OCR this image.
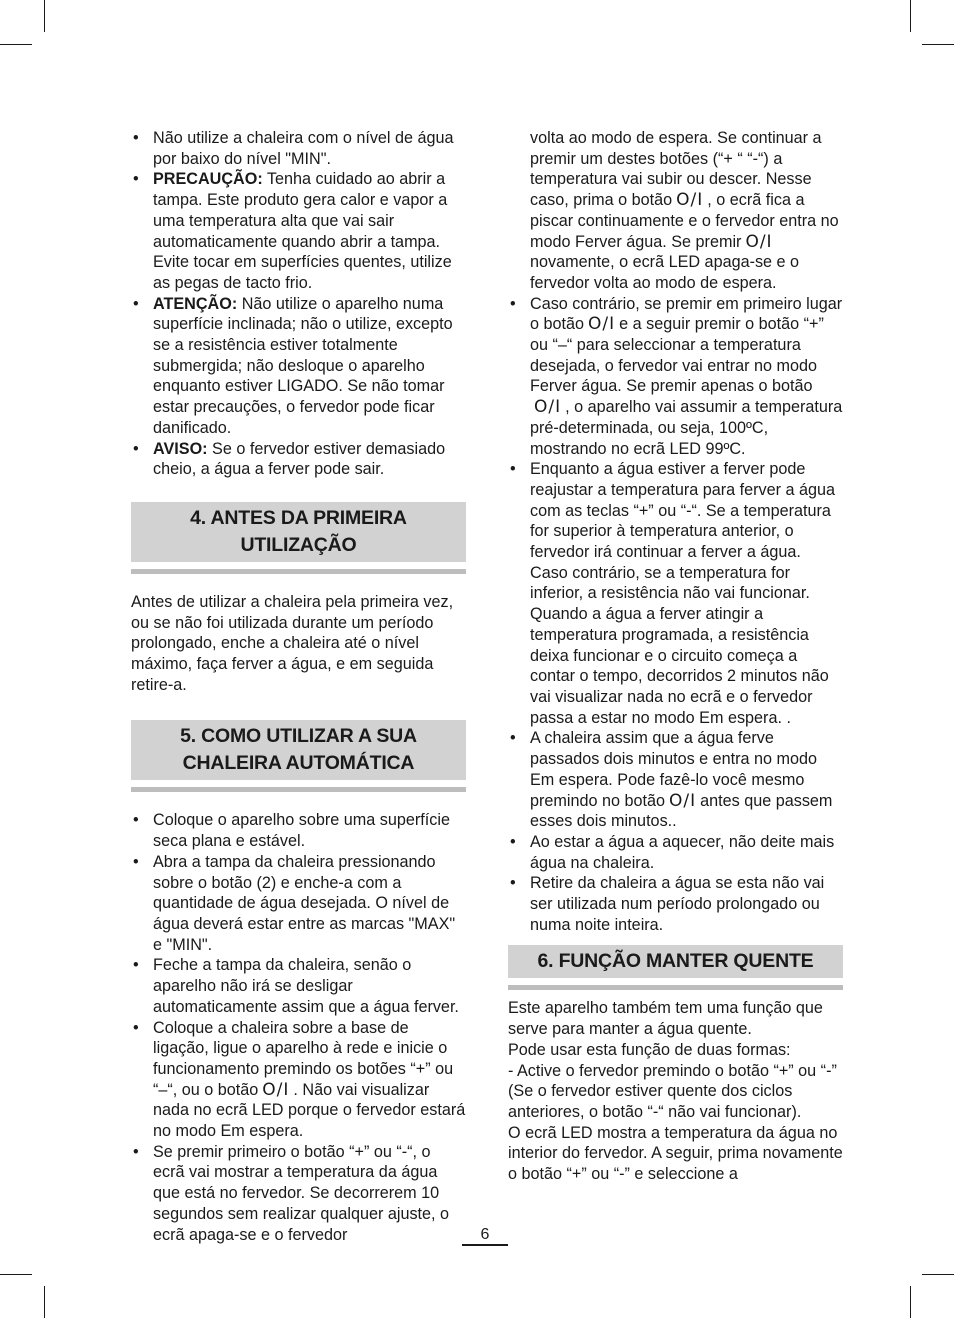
• Não utilize a chaleira com o nível de água por baixo do nível "MIN".
• PRECAUÇÃO: Tenha cuidado ao abrir a tampa. Este produto gera calor e vapor a uma temperatura alta que vai sair automaticamente quando abrir a tampa. Evite tocar em superfícies quentes, utilize as pegas de tacto frio.
• ATENÇÃO: Não utilize o aparelho numa superfície inclinada; não o utilize, excepto se a resistência estiver totalmente submergida; não desloque o aparelho enquanto estiver LIGADO. Se não tomar estar precauções, o fervedor pode ficar danificado.
• AVISO: Se o fervedor estiver demasiado cheio, a água a ferver pode sair.
4. ANTES DA PRIMEIRA UTILIZAÇÃO

Antes de utilizar a chaleira pela primeira vez, ou se não foi utilizada durante um período prolongado, enche a chaleira até o nível máximo, faça ferver a água, e em seguida retire-a.

5. COMO UTILIZAR A SUA CHALEIRA AUTOMÁTICA
• Coloque o aparelho sobre uma superfície seca plana e estável.
• Abra a tampa da chaleira pressionando sobre o botão (2) e enche-a com a quantidade de água desejada. O nível de água deverá estar entre as marcas "MAX" e "MIN".
• Feche a tampa da chaleira, senão o aparelho não irá se desligar automaticamente assim que a água ferver.
• Coloque a chaleira sobre a base de ligação, ligue o aparelho à rede e inicie o funcionamento premindo os botões “+” ou “–“, ou o botão O/I . Não vai visualizar nada no ecrã LED porque o fervedor estará no modo Em espera.
• Se premir primeiro o botão “+” ou “-“, o ecrã vai mostrar a temperatura da água que está no fervedor. Se decorrerem 10 segundos sem realizar qualquer ajuste, o ecrã apaga-se e o fervedor
volta ao modo de espera. Se continuar a premir um destes botões (“+ “ “-“) a temperatura vai subir ou descer. Nesse caso, prima o botão O/I , o ecrã fica a piscar continuamente e o fervedor entra no modo Ferver água. Se premir O/Inovamente, o ecrã LED apaga-se e o fervedor volta ao modo de espera.
• Caso contrário, se premir em primeiro lugar o botão O/I e a seguir premir o botão “+” ou “–“ para seleccionar a temperatura desejada, o fervedor vai entrar no modo Ferver água. Se premir apenas o botãoO/I , o aparelho vai assumir a temperatura pré-determinada, ou seja, 100ºC, mostrando no ecrã LED 99ºC.
• Enquanto a água estiver a ferver pode reajustar a temperatura para ferver a água com as teclas “+” ou “-“. Se a temperatura for superior à temperatura anterior, o fervedor irá continuar a ferver a água. Caso contrário, se a temperatura for inferior, a resistência não vai funcionar. Quando a água a ferver atingir a temperatura programada, a resistência deixa funcionar e o circuito começa a contar o tempo, decorridos 2 minutos não vai visualizar nada no ecrã e o fervedor passa a estar no modo Em espera. .
• A chaleira assim que a água ferve passados dois minutos e entra no modo Em espera. Pode fazê-lo você mesmo premindo no botão O/I antes que passem esses dois minutos..
• Ao estar a água a aquecer, não deite mais água na chaleira.
• Retire da chaleira a água se esta não vai ser utilizada num período prolongado ou numa noite inteira.
6. FUNÇÃO MANTER QUENTE

Este aparelho também tem uma função que serve para manter a água quente.

Pode usar esta função de duas formas:

- Active o fervedor premindo o botão “+” ou “-” (Se o fervedor estiver quente dos ciclos anteriores, o botão “-“ não vai funcionar).

O ecrã LED mostra a temperatura da água no interior do fervedor. A seguir, prima novamente o botão “+” ou “-” e seleccione a

6
